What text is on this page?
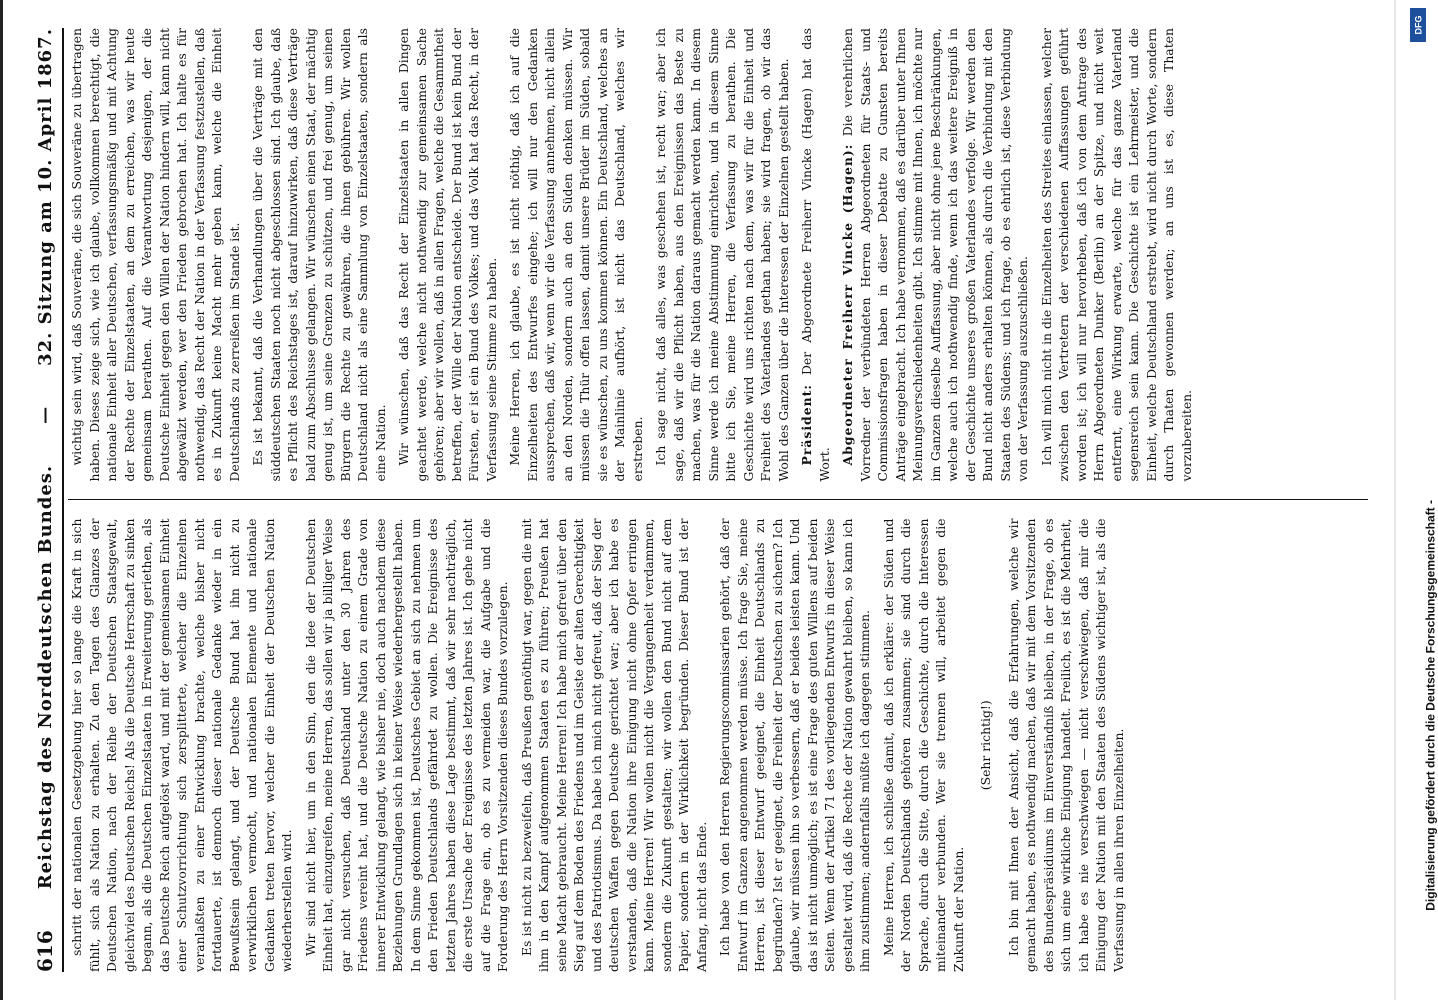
616
Reichstag des Norddeutschen Bundes.
—
32. Sitzung am 10. April 1867.

schritt der nationalen Gesetzgebung hier so lange die Kraft in sich fühlt, sich als Nation zu erhalten. Zu den Tagen des Glanzes der Deutschen Nation, nach der Reihe der Deutschen Staatsgewalt, gleichviel des Deutschen Reichs! Als die Deutsche Herrschaft zu sinken begann, als die Deutschen Einzelstaaten in Erweiterung geriethen, als das Deutsche Reich aufgelöst ward, und mit der gemeinsamen Einheit einer Schutzvorrichtung sich zersplitterte, welcher die Einzelnen veranlaßten zu einer Entwicklung brachte, welche bisher nicht fortdauerte, ist dennoch dieser nationale Gedanke wieder in ein Bewußtsein gelangt, und der Deutsche Bund hat ihn nicht zu verwirklichen vermocht, und nationalen Elemente und nationale Gedanken treten hervor, welcher die Einheit der Deutschen Nation wiederherstellen wird. Wir sind nicht hier, um in den Sinn, den die Idee der Deutschen Einheit hat, einzugreifen, meine Herren, das sollen wir ja billiger Weise gar nicht versuchen, daß Deutschland unter den 30 Jahren des Friedens vereint hat, und die Deutsche Nation zu einem Grade von innerer Entwicklung gelangt, wie bisher nie, doch auch nachdem diese Beziehungen Grundlagen sich in keiner Weise wiederhergestellt haben. In dem Sinne gekommen ist, Deutsches Gebiet an sich zu nehmen um den Frieden Deutschlands gefährdet zu wollen. Die Ereignisse des letzten Jahres haben diese Lage bestimmt, daß wir sehr nachträglich, die erste Ursache der Ereignisse des letzten Jahres ist. Ich gehe nicht auf die Frage ein, ob es zu vermeiden war, die Aufgabe und die Forderung des Herrn Vorsitzenden dieses Bundes vorzulegen. Es ist nicht zu bezweifeln, daß Preußen genöthigt war, gegen die mit ihm in den Kampf aufgenommen Staaten es zu führen; Preußen hat seine Macht gebraucht. Meine Herren! Ich habe mich gefreut über den Sieg auf dem Boden des Friedens und im Geiste der alten Gerechtigkeit und des Patriotismus. Da habe ich mich nicht gefreut, daß der Sieg der deutschen Waffen gegen Deutsche gerichtet war; aber ich habe es verstanden, daß die Nation ihre Einigung nicht ohne Opfer erringen kann. Meine Herren! Wir wollen nicht die Vergangenheit verdammen, sondern die Zukunft gestalten; wir wollen den Bund nicht auf dem Papier, sondern in der Wirklichkeit begründen. Dieser Bund ist der Anfang, nicht das Ende. Ich habe von den Herren Regierungscommissarien gehört, daß der Entwurf im Ganzen angenommen werden müsse. Ich frage Sie, meine Herren, ist dieser Entwurf geeignet, die Einheit Deutschlands zu begründen? Ist er geeignet, die Freiheit der Deutschen zu sichern? Ich glaube, wir müssen ihn so verbessern, daß er beides leisten kann. Und das ist nicht unmöglich; es ist eine Frage des guten Willens auf beiden Seiten. Wenn der Artikel 71 des vorliegenden Entwurfs in dieser Weise gestaltet wird, daß die Rechte der Nation gewahrt bleiben, so kann ich ihm zustimmen; andernfalls müßte ich dagegen stimmen. Meine Herren, ich schließe damit, daß ich erkläre: der Süden und der Norden Deutschlands gehören zusammen; sie sind durch die Sprache, durch die Sitte, durch die Geschichte, durch die Interessen miteinander verbunden. Wer sie trennen will, arbeitet gegen die Zukunft der Nation.

(Sehr richtig!) Ich bin mit Ihnen der Ansicht, daß die Erfahrungen, welche wir gemacht haben, es nothwendig machen, daß wir mit dem Vorsitzenden des Bundespräsidiums im Einverständniß bleiben, in der Frage, ob es sich um eine wirkliche Einigung handelt. Freilich, es ist die Mehrheit, ich habe es nie verschwiegen — nicht verschwiegen, daß mir die Einigung der Nation mit den Staaten des Südens wichtiger ist, als die Verfassung in allen ihren Einzelheiten.

wichtig sein wird, daß Souveräne, die sich Souveräne zu übertragen haben. Dieses zeige sich, wie ich glaube, vollkommen berechtigt, die nationale Einheit aller Deutschen, verfassungsmäßig und mit Achtung der Rechte der Einzelstaaten, an dem zu erreichen, was wir heute gemeinsam berathen. Auf die Verantwortung desjenigen, der die Deutsche Einheit gegen den Willen der Nation hindern will, kann nicht abgewälzt werden, wer den Frieden gebrochen hat. Ich halte es für nothwendig, das Recht der Nation in der Verfassung festzustellen, daß es in Zukunft keine Macht mehr geben kann, welche die Einheit Deutschlands zu zerreißen im Stande ist. Es ist bekannt, daß die Verhandlungen über die Verträge mit den süddeutschen Staaten noch nicht abgeschlossen sind. Ich glaube, daß es Pflicht des Reichstages ist, darauf hinzuwirken, daß diese Verträge bald zum Abschlusse gelangen. Wir wünschen einen Staat, der mächtig genug ist, um seine Grenzen zu schützen, und frei genug, um seinen Bürgern die Rechte zu gewähren, die ihnen gebühren. Wir wollen Deutschland nicht als eine Sammlung von Einzelstaaten, sondern als eine Nation. Wir wünschen, daß das Recht der Einzelstaaten in allen Dingen geachtet werde, welche nicht nothwendig zur gemeinsamen Sache gehören; aber wir wollen, daß in allen Fragen, welche die Gesammtheit betreffen, der Wille der Nation entscheide. Der Bund ist kein Bund der Fürsten, er ist ein Bund des Volkes; und das Volk hat das Recht, in der Verfassung seine Stimme zu haben. Meine Herren, ich glaube, es ist nicht nöthig, daß ich auf die Einzelheiten des Entwurfes eingehe; ich will nur den Gedanken aussprechen, daß wir, wenn wir die Verfassung annehmen, nicht allein an den Norden, sondern auch an den Süden denken müssen. Wir müssen die Thür offen lassen, damit unsere Brüder im Süden, sobald sie es wünschen, zu uns kommen können. Ein Deutschland, welches an der Mainlinie aufhört, ist nicht das Deutschland, welches wir erstreben. Ich sage nicht, daß alles, was geschehen ist, recht war; aber ich sage, daß wir die Pflicht haben, aus den Ereignissen das Beste zu machen, was für die Nation daraus gemacht werden kann. In diesem Sinne werde ich meine Abstimmung einrichten, und in diesem Sinne bitte ich Sie, meine Herren, die Verfassung zu berathen. Die Geschichte wird uns richten nach dem, was wir für die Einheit und Freiheit des Vaterlandes gethan haben; sie wird fragen, ob wir das Wohl des Ganzen über die Interessen der Einzelnen gestellt haben. Präsident: Der Abgeordnete Freiherr Vincke (Hagen) hat das Wort. Abgeordneter Freiherr Vincke (Hagen): Die verehrlichen Vorredner der verbündeten Herren Abgeordneten für Staats- und Commissionsfragen haben in dieser Debatte zu Gunsten bereits Anträge eingebracht. Ich habe vernommen, daß es darüber unter Ihnen Meinungsverschiedenheiten gibt. Ich stimme mit Ihnen, ich möchte nur im Ganzen dieselbe Auffassung, aber nicht ohne jene Beschränkungen, welche auch ich nothwendig finde, wenn ich das weitere Ereigniß in der Geschichte unseres großen Vaterlandes verfolge. Wir werden den Bund nicht anders erhalten können, als durch die Verbindung mit den Staaten des Südens; und ich frage, ob es ehrlich ist, diese Verbindung von der Verfassung auszuschließen. Ich will mich nicht in die Einzelheiten des Streites einlassen, welcher zwischen den Vertretern der verschiedenen Auffassungen geführt worden ist; ich will nur hervorheben, daß ich von dem Antrage des Herrn Abgeordneten Dunker (Berlin) an der Spitze, und nicht weit entfernt, eine Wirkung erwarte, welche für das ganze Vaterland segensreich sein kann. Die Geschichte ist ein Lehrmeister, und die Einheit, welche Deutschland erstrebt, wird nicht durch Worte, sondern durch Thaten gewonnen werden; an uns ist es, diese Thaten vorzubereiten.

DFG
Digitalisierung gefördert durch die Deutsche Forschungsgemeinschaft -
